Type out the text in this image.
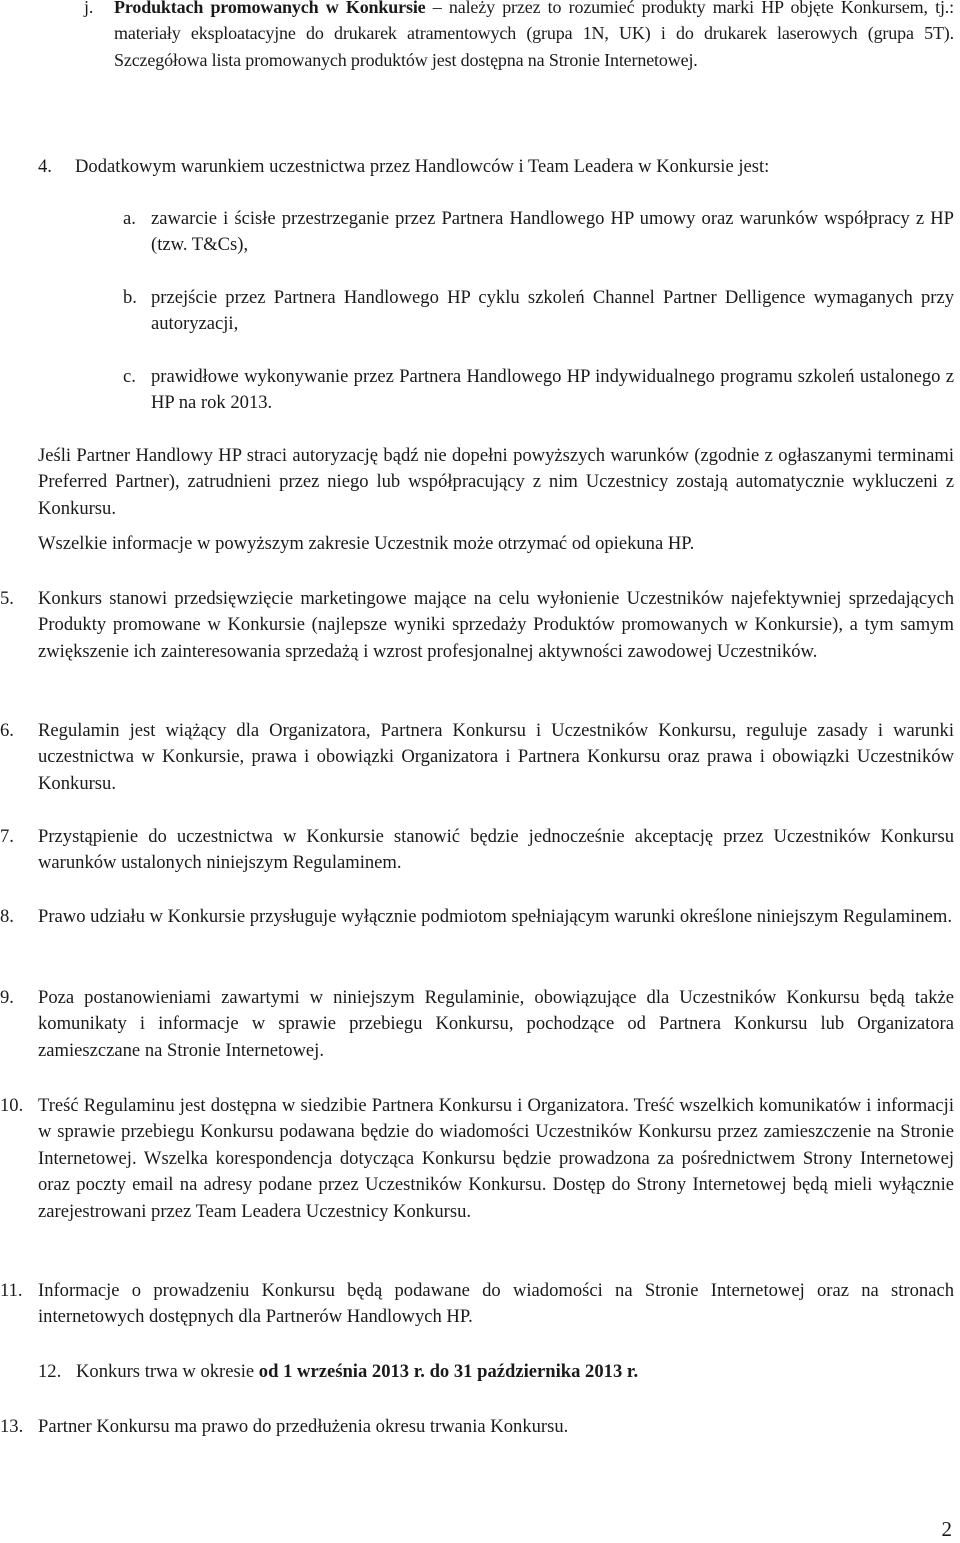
j.	Produktach promowanych w Konkursie – należy przez to rozumieć produkty marki HP objęte Konkursem, tj.: materiały eksploatacyjne do drukarek atramentowych (grupa 1N, UK) i do drukarek laserowych (grupa 5T). Szczegółowa lista promowanych produktów jest dostępna na Stronie Internetowej.
4.	Dodatkowym warunkiem uczestnictwa przez Handlowców i Team Leadera w Konkursie jest:
a. zawarcie i ścisłe przestrzeganie przez Partnera Handlowego HP umowy oraz warunków współpracy z HP (tzw. T&Cs),
b. przejście przez Partnera Handlowego HP cyklu szkoleń Channel Partner Delligence wymaganych przy autoryzacji,
c. prawidłowe wykonywanie przez Partnera Handlowego HP indywidualnego programu szkoleń ustalonego z HP na rok 2013.
Jeśli Partner Handlowy HP straci autoryzację bądź nie dopełni powyższych warunków (zgodnie z ogłaszanymi terminami Preferred Partner), zatrudnieni przez niego lub współpracujący z nim Uczestnicy zostają automatycznie wykluczeni z Konkursu.
Wszelkie informacje w powyższym zakresie Uczestnik może otrzymać od opiekuna HP.
5.	Konkurs stanowi przedsięwzięcie marketingowe mające na celu wyłonienie Uczestników najefektywniej sprzedających Produkty promowane w Konkursie (najlepsze wyniki sprzedaży Produktów promowanych w Konkursie), a tym samym zwiększenie ich zainteresowania sprzedażą i wzrost profesjonalnej aktywności zawodowej Uczestników.
6.	Regulamin jest wiążący dla Organizatora, Partnera Konkursu i Uczestników Konkursu, reguluje zasady i warunki uczestnictwa w Konkursie, prawa i obowiązki Organizatora i Partnera Konkursu oraz prawa i obowiązki Uczestników Konkursu.
7.	Przystąpienie do uczestnictwa w Konkursie stanowić będzie jednocześnie akceptację przez Uczestników Konkursu warunków ustalonych niniejszym Regulaminem.
8.	Prawo udziału w Konkursie przysługuje wyłącznie podmiotom spełniającym warunki określone niniejszym Regulaminem.
9.	Poza postanowieniami zawartymi w niniejszym Regulaminie, obowiązujące dla Uczestników Konkursu będą także komunikaty i informacje w sprawie przebiegu Konkursu, pochodzące od Partnera Konkursu lub Organizatora zamieszczane na Stronie Internetowej.
10. Treść Regulaminu jest dostępna w siedzibie Partnera Konkursu i Organizatora. Treść wszelkich komunikatów i informacji w sprawie przebiegu Konkursu podawana będzie do wiadomości Uczestników Konkursu przez zamieszczenie na Stronie Internetowej. Wszelka korespondencja dotycząca Konkursu będzie prowadzona za pośrednictwem Strony Internetowej oraz poczty email na adresy podane przez Uczestników Konkursu. Dostęp do Strony Internetowej będą mieli wyłącznie zarejestrowani przez Team Leadera Uczestnicy Konkursu.
11. Informacje o prowadzeniu Konkursu będą podawane do wiadomości na Stronie Internetowej oraz na stronach internetowych dostępnych dla Partnerów Handlowych HP.
12. Konkurs trwa w okresie od 1 września 2013 r. do 31 października 2013 r.
13. Partner Konkursu ma prawo do przedłużenia okresu trwania Konkursu.
2
